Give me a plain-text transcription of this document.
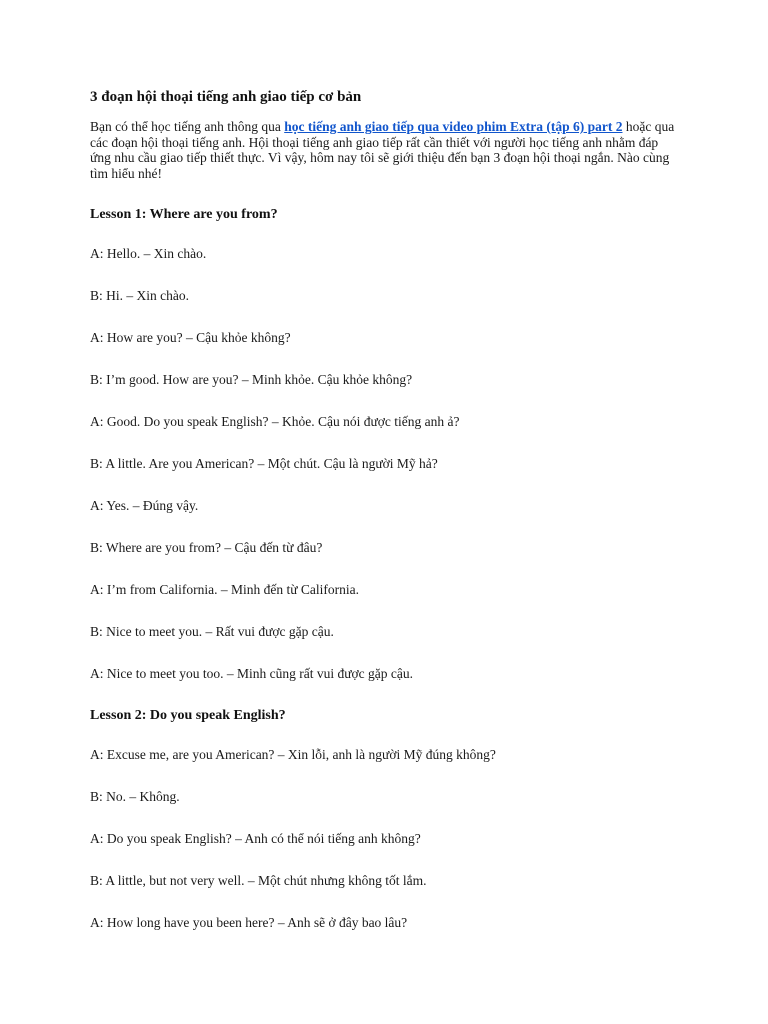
3 đoạn hội thoại tiếng anh giao tiếp cơ bản

Bạn có thể học tiếng anh thông qua học tiếng anh giao tiếp qua video phim Extra (tập 6) part 2 hoặc qua các đoạn hội thoại tiếng anh. Hội thoại tiếng anh giao tiếp rất cần thiết với người học tiếng anh nhằm đáp ứng nhu cầu giao tiếp thiết thực. Vì vậy, hôm nay tôi sẽ giới thiệu đến bạn 3 đoạn hội thoại ngắn. Nào cùng tìm hiểu nhé!

Lesson 1: Where are you from?

A: Hello. – Xin chào.

B: Hi. – Xin chào.

A: How are you? – Cậu khỏe không?

B: I’m good. How are you? – Minh khỏe. Cậu khỏe không?

A: Good. Do you speak English? – Khỏe. Cậu nói được tiếng anh ả?

B: A little. Are you American? – Một chút. Cậu là người Mỹ hả?

A: Yes. – Đúng vậy.

B: Where are you from? – Cậu đến từ đâu?

A: I’m from California. – Minh đến từ California.

B: Nice to meet you. – Rất vui được gặp cậu.

A: Nice to meet you too. – Minh cũng rất vui được gặp cậu.

Lesson 2: Do you speak English?

A: Excuse me, are you American? – Xin lỗi, anh là người Mỹ đúng không?

B: No. – Không.

A: Do you speak English? – Anh có thể nói tiếng anh không?

B: A little, but not very well. – Một chút nhưng không tốt lắm.

A: How long have you been here? – Anh sẽ ở đây bao lâu?
